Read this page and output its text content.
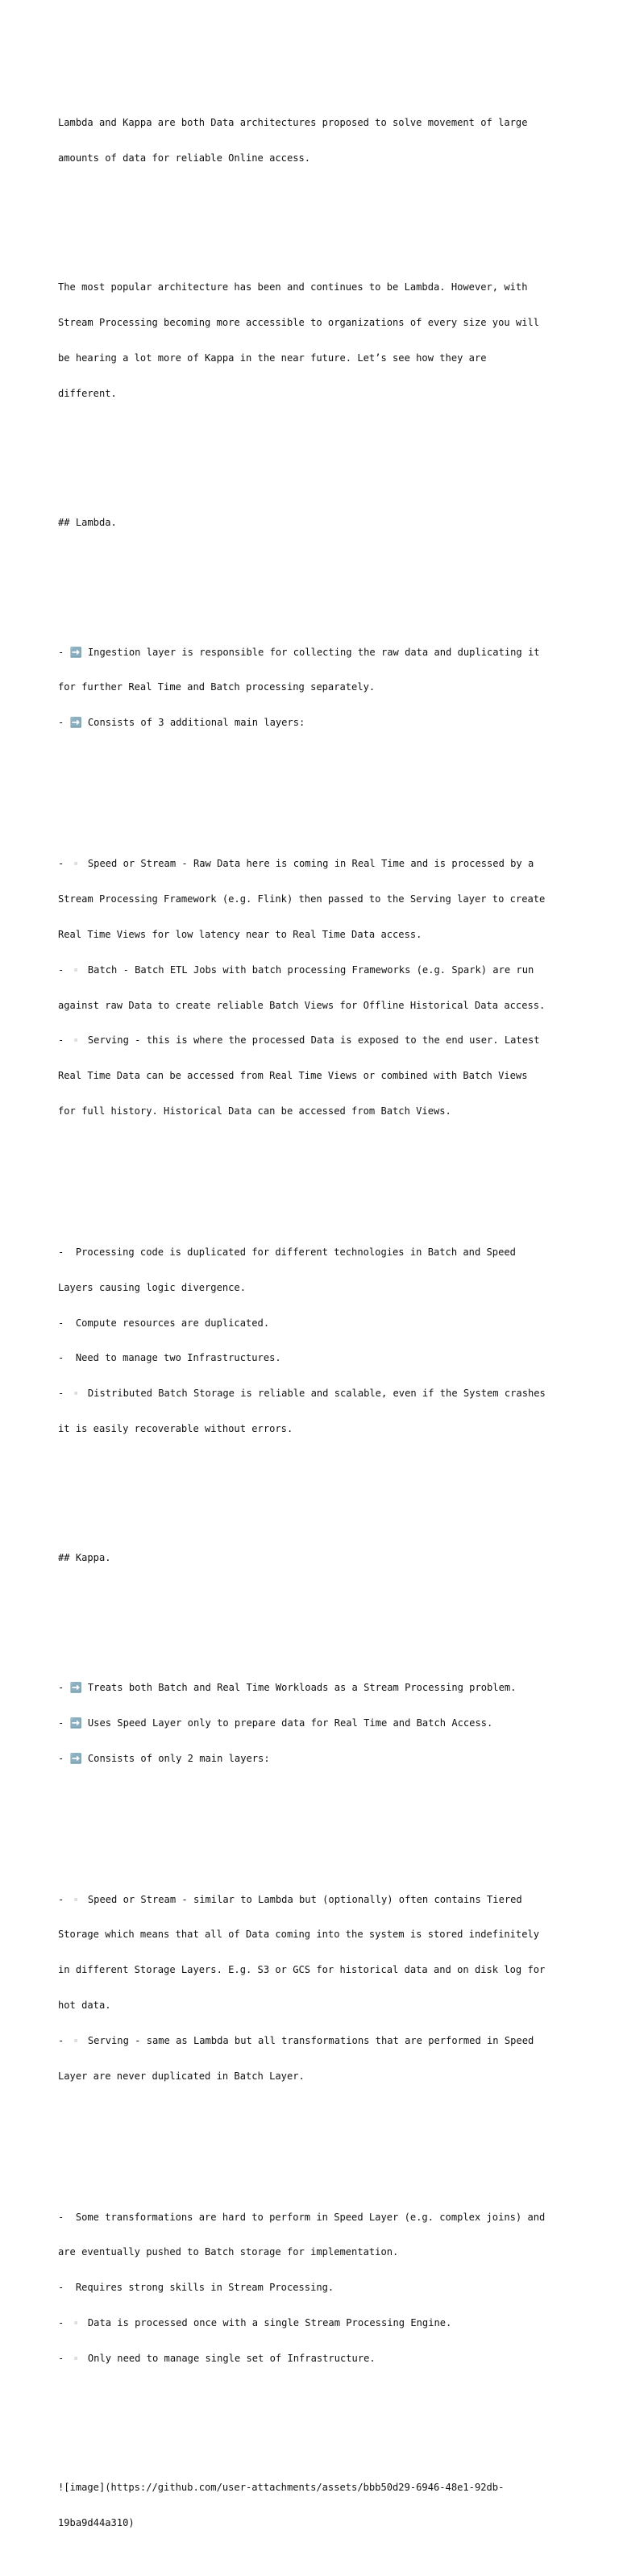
Lambda and Kappa are both Data architectures proposed to solve movement of large

amounts of data for reliable Online access.

The most popular architecture has been and continues to be Lambda. However, with

Stream Processing becoming more accessible to organizations of every size you will

be hearing a lot more of Kappa in the near future. Let’s see how they are

different.

## Lambda.

- ➡️ Ingestion layer is responsible for collecting the raw data and duplicating it

for further Real Time and Batch processing separately.

- ➡️ Consists of 3 additional main layers:

- ▫️ Speed or Stream - Raw Data here is coming in Real Time and is processed by a

Stream Processing Framework (e.g. Flink) then passed to the Serving layer to create

Real Time Views for low latency near to Real Time Data access.

- ▫️ Batch - Batch ETL Jobs with batch processing Frameworks (e.g. Spark) are run

against raw Data to create reliable Batch Views for Offline Historical Data access.

- ▫️ Serving - this is where the processed Data is exposed to the end user. Latest

Real Time Data can be accessed from Real Time Views or combined with Batch Views

for full history. Historical Data can be accessed from Batch Views.

-  Processing code is duplicated for different technologies in Batch and Speed

Layers causing logic divergence.

-  Compute resources are duplicated.

-  Need to manage two Infrastructures.

- ▫️ Distributed Batch Storage is reliable and scalable, even if the System crashes

it is easily recoverable without errors.

## Kappa.

- ➡️ Treats both Batch and Real Time Workloads as a Stream Processing problem.

- ➡️ Uses Speed Layer only to prepare data for Real Time and Batch Access.

- ➡️ Consists of only 2 main layers:

- ▫️ Speed or Stream - similar to Lambda but (optionally) often contains Tiered

Storage which means that all of Data coming into the system is stored indefinitely

in different Storage Layers. E.g. S3 or GCS for historical data and on disk log for

hot data.

- ▫️ Serving - same as Lambda but all transformations that are performed in Speed

Layer are never duplicated in Batch Layer.

-  Some transformations are hard to perform in Speed Layer (e.g. complex joins) and

are eventually pushed to Batch storage for implementation.

-  Requires strong skills in Stream Processing.

- ▫️ Data is processed once with a single Stream Processing Engine.

- ▫️ Only need to manage single set of Infrastructure.

![image](https://github.com/user-attachments/assets/bbb50d29-6946-48e1-92db-

19ba9d44a310)
